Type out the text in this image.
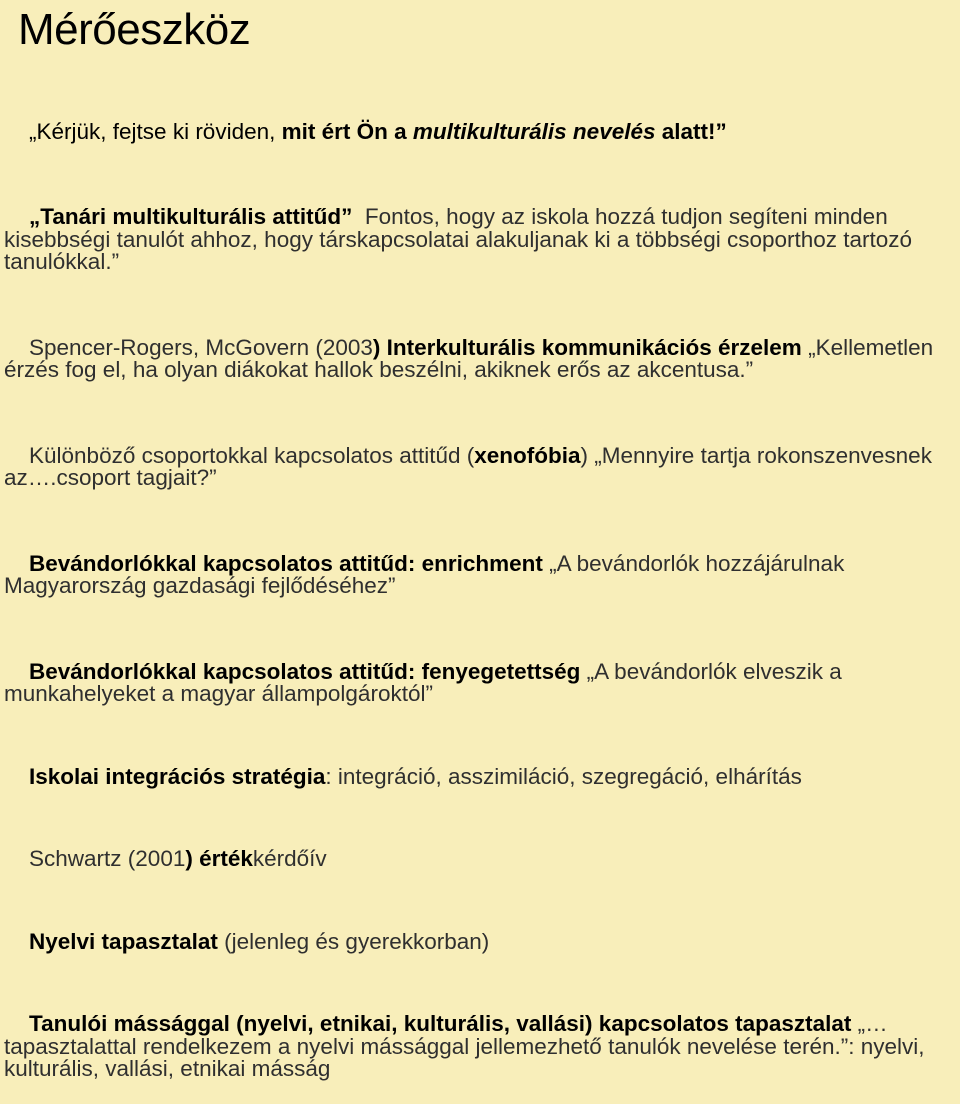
Mérőeszköz

„Kérjük, fejtse ki röviden, mit ért Ön a multikulturális nevelés alatt!”

„Tanári multikulturális attitűd”  Fontos, hogy az iskola hozzá tudjon segíteni minden kisebbségi tanulót ahhoz, hogy társkapcsolatai alakuljanak ki a többségi csoporthoz tartozó tanulókkal.”

Spencer-Rogers, McGovern (2003) Interkulturális kommunikációs érzelem „Kellemetlen érzés fog el, ha olyan diákokat hallok beszélni, akiknek erős az akcentusa.”

Különböző csoportokkal kapcsolatos attitűd (xenofóbia) „Mennyire tartja rokonszenvesnek az….csoport tagjait?”

Bevándorlókkal kapcsolatos attitűd: enrichment „A bevándorlók hozzájárulnak Magyarország gazdasági fejlődéséhez”

Bevándorlókkal kapcsolatos attitűd: fenyegetettség „A bevándorlók elveszik a munkahelyeket a magyar állampolgároktól”

Iskolai integrációs stratégia: integráció, asszimiláció, szegregáció, elhárítás

Schwartz (2001) értékkérdőív

Nyelvi tapasztalat (jelenleg és gyerekkorban)

Tanulói mássággal (nyelvi, etnikai, kulturális, vallási) kapcsolatos tapasztalat „…tapasztalattal rendelkezem a nyelvi mássággal jellemezhető tanulók nevelése terén.”: nyelvi, kulturális, vallási, etnikai másság
